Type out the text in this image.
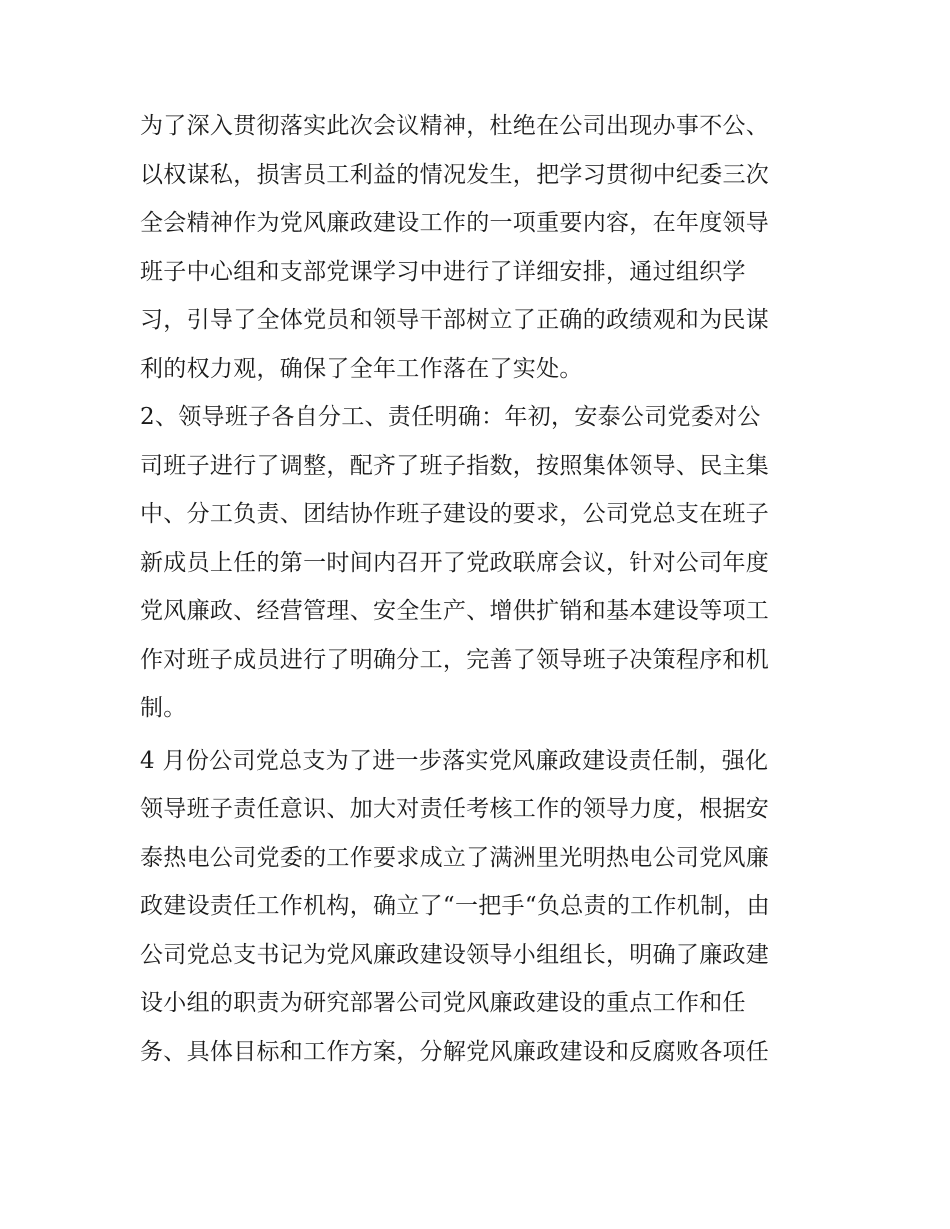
为了深入贯彻落实此次会议精神，杜绝在公司出现办事不公、
以权谋私，损害员工利益的情况发生，把学习贯彻中纪委三次
全会精神作为党风廉政建设工作的一项重要内容，在年度领导
班子中心组和支部党课学习中进行了详细安排，通过组织学
习，引导了全体党员和领导干部树立了正确的政绩观和为民谋
利的权力观，确保了全年工作落在了实处。
2、领导班子各自分工、责任明确：年初，安泰公司党委对公
司班子进行了调整，配齐了班子指数，按照集体领导、民主集
中、分工负责、团结协作班子建设的要求，公司党总支在班子
新成员上任的第一时间内召开了党政联席会议，针对公司年度
党风廉政、经营管理、安全生产、增供扩销和基本建设等项工
作对班子成员进行了明确分工，完善了领导班子决策程序和机
制。
4 月份公司党总支为了进一步落实党风廉政建设责任制，强化
领导班子责任意识、加大对责任考核工作的领导力度，根据安
泰热电公司党委的工作要求成立了满洲里光明热电公司党风廉
政建设责任工作机构，确立了“一把手“负总责的工作机制，由
公司党总支书记为党风廉政建设领导小组组长，明确了廉政建
设小组的职责为研究部署公司党风廉政建设的重点工作和任
务、具体目标和工作方案，分解党风廉政建设和反腐败各项任
